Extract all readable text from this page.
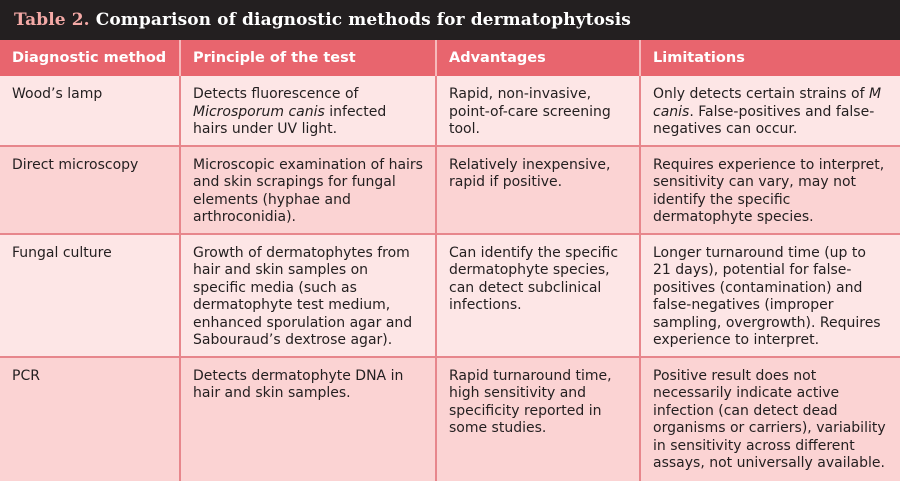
Table 2. Comparison of diagnostic methods for dermatophytosis
Diagnostic method	Principle of the test	Advantages	Limitations
Wood’s lamp	Detects fluorescence of Microsporum canis infected hairs under UV light.	Rapid, non-invasive, point-of-care screening tool.	Only detects certain strains of M canis. False-positives and false-negatives can occur.
Direct microscopy	Microscopic examination of hairs and skin scrapings for fungal elements (hyphae and arthroconidia).	Relatively inexpensive, rapid if positive.	Requires experience to interpret, sensitivity can vary, may not identify the specific dermatophyte species.
Fungal culture	Growth of dermatophytes from hair and skin samples on specific media (such as dermatophyte test medium, enhanced sporulation agar and Sabouraud’s dextrose agar).	Can identify the specific dermatophyte species, can detect subclinical infections.	Longer turnaround time (up to 21 days), potential for false-positives (contamination) and false-negatives (improper sampling, overgrowth). Requires experience to interpret.
PCR	Detects dermatophyte DNA in hair and skin samples.	Rapid turnaround time, high sensitivity and specificity reported in some studies.	Positive result does not necessarily indicate active infection (can detect dead organisms or carriers), variability in sensitivity across different assays, not universally available.
